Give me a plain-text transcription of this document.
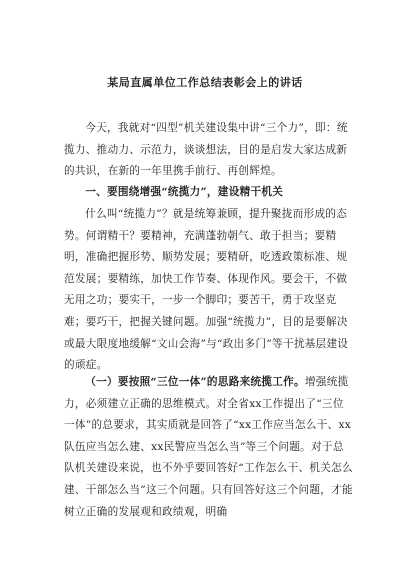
某局直属单位工作总结表彰会上的讲话

今天，我就对“四型”机关建设集中讲“三个力”，即：统揽力、推动力、示范力，谈谈想法，目的是启发大家达成新的共识，在新的一年里携手前行、再创辉煌。

一、要围绕增强“统揽力”，建设精干机关

什么叫“统揽力”？就是统筹兼顾，提升聚拢而形成的态势。何谓精干？要精神，充满蓬勃朝气、敢于担当；要精明，准确把握形势、顺势发展；要精研，吃透政策标准、规范发展；要精练，加快工作节奏、体现作风。要会干，不做无用之功；要实干，一步一个脚印；要苦干，勇于攻坚克难；要巧干，把握关键问题。加强“统揽力”，目的是要解决或最大限度地缓解“文山会海”与“政出多门”等干扰基层建设的顽症。

（一）要按照“三位一体”的思路来统揽工作。增强统揽力，必须建立正确的思维模式。对全省xx工作提出了“三位一体”的总要求，其实质就是回答了“xx工作应当怎么干、xx队伍应当怎么建、xx民警应当怎么当”等三个问题。对于总队机关建设来说，也不外乎要回答好“工作怎么干、机关怎么建、干部怎么当”这三个问题。只有回答好这三个问题，才能树立正确的发展观和政绩观，明确
